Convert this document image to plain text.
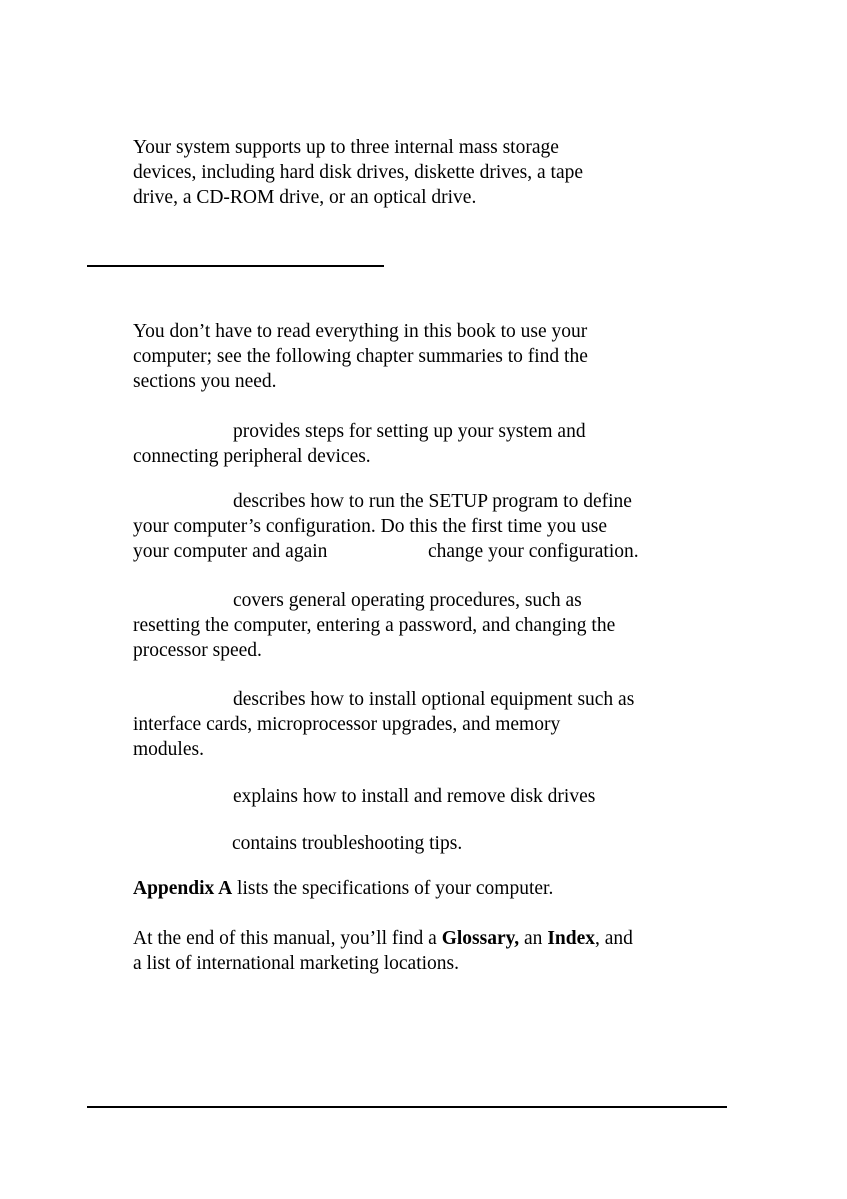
Your system supports up to three internal mass storage
devices, including hard disk drives, diskette drives, a tape
drive, a CD-ROM drive, or an optical drive.
You don’t have to read everything in this book to use your
computer; see the following chapter summaries to find the
sections you need.
provides steps for setting up your system and
connecting peripheral devices.
describes how to run the SETUP program to define
your computer’s configuration. Do this the first time you use
your computer and again	change your configuration.
covers general operating procedures, such as
resetting the computer, entering a password, and changing the
processor speed.
describes how to install optional equipment such as
interface cards, microprocessor upgrades, and memory
modules.
explains how to install and remove disk drives
contains troubleshooting tips.
Appendix A lists the specifications of your computer.
At the end of this manual, you’ll find a Glossary, an Index, and
a list of international marketing locations.
